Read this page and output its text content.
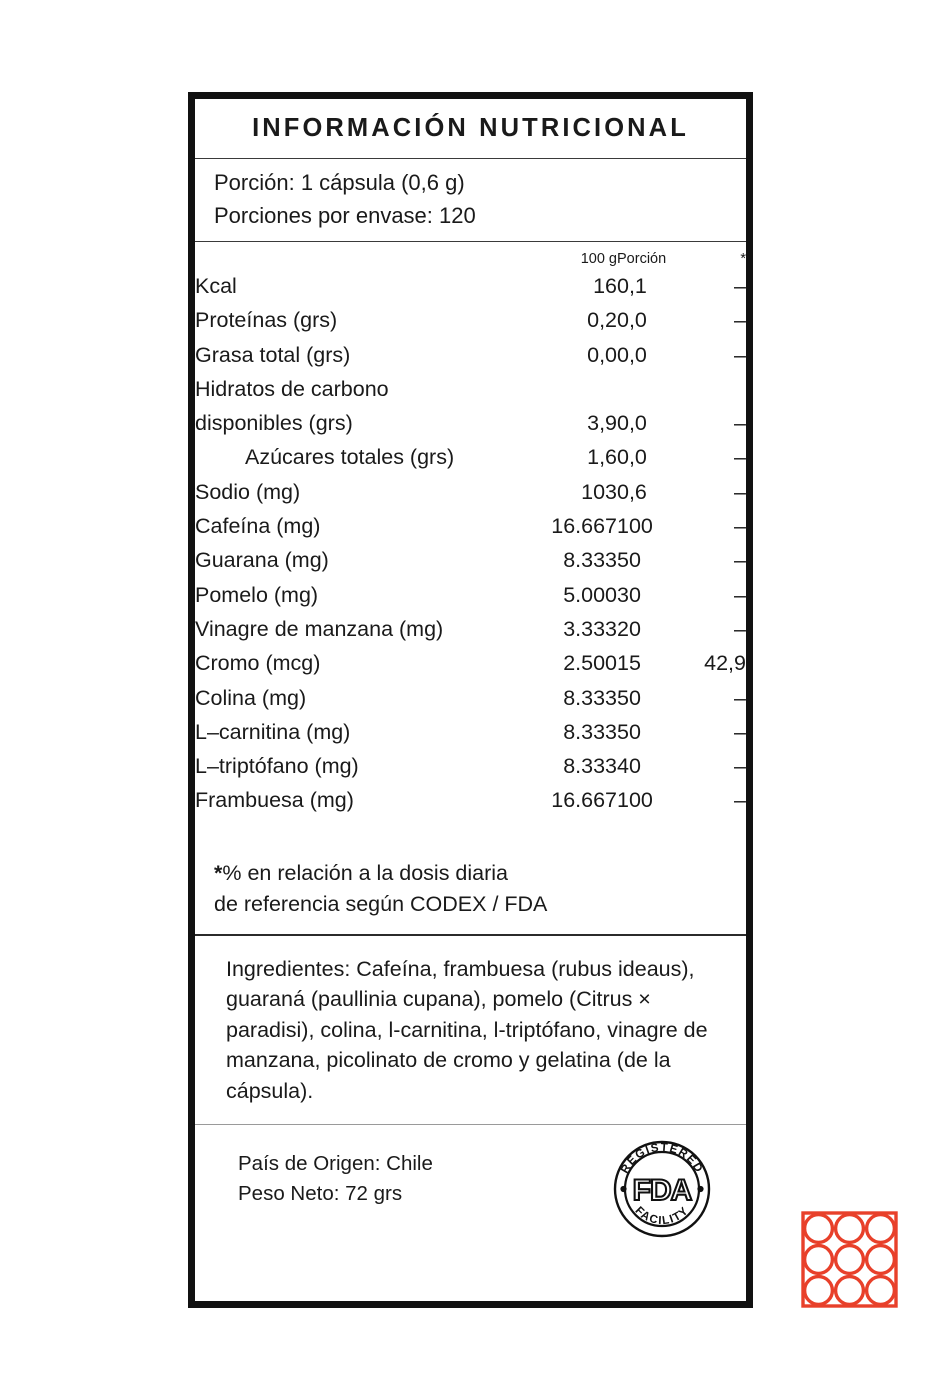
INFORMACIÓN NUTRICIONAL
Porción: 1 cápsula (0,6 g)
Porciones por envase: 120
	100 g	Porción	*
Kcal	16	0,1	–
Proteínas (grs)	0,2	0,0	–
Grasa total (grs)	0,0	0,0	–
Hidratos de carbono			
disponibles (grs)	3,9	0,0	–
Azúcares totales (grs)	1,6	0,0	–
Sodio (mg)	103	0,6	–
Cafeína (mg)	16.667	100	–
Guarana (mg)	8.333	50	–
Pomelo (mg)	5.000	30	–
Vinagre de manzana (mg)	3.333	20	–
Cromo (mcg)	2.500	15	42,9
Colina (mg)	8.333	50	–
L–carnitina (mg)	8.333	50	–
L–triptófano (mg)	8.333	40	–
Frambuesa (mg)	16.667	100	–
*% en relación a la dosis diaria
de referencia según CODEX / FDA
Ingredientes: Cafeína, frambuesa (rubus ideaus), guaraná (paullinia cupana), pomelo (Citrus × paradisi), colina, l-carnitina, l-triptófano, vinagre de manzana, picolinato de cromo y gelatina (de la cápsula).
País de Origen: Chile
Peso Neto: 72 grs
REGISTERED
FACILITY
FDA
